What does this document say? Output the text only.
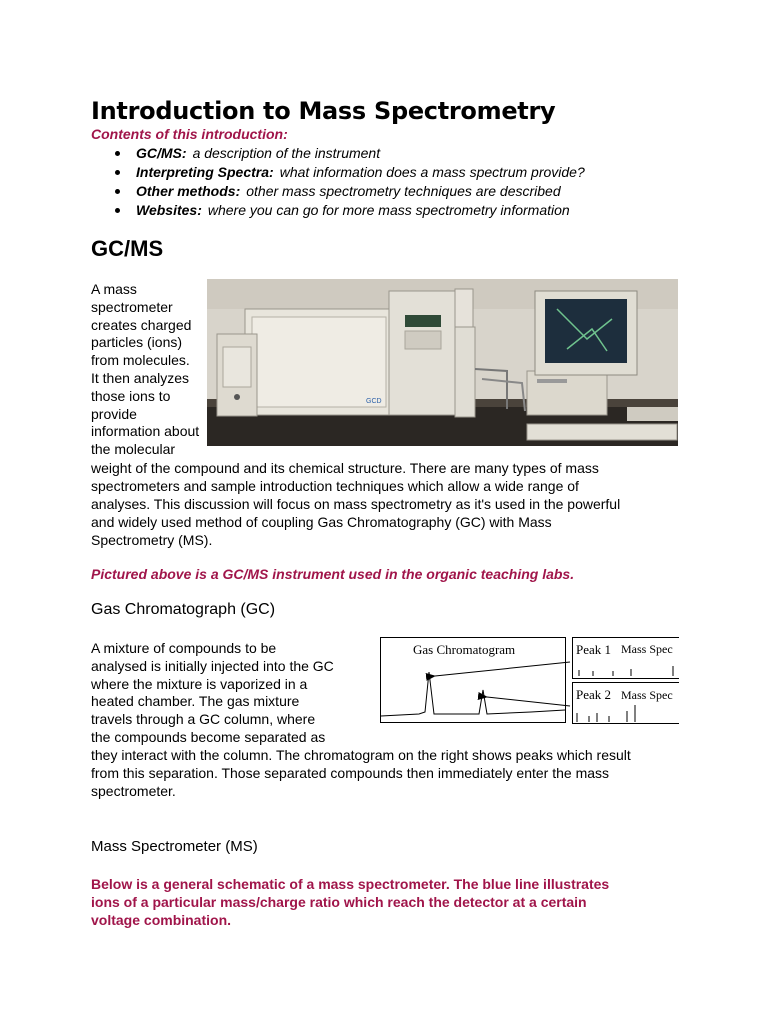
Introduction to Mass Spectrometry
Contents of this introduction:
GC/MS: a description of the instrument
Interpreting Spectra: what information does a mass spectrum provide?
Other methods: other mass spectrometry techniques are described
Websites: where you can go for more mass spectrometry information
GC/MS
A mass
spectrometer
creates charged
particles (ions)
from molecules.
It then analyzes
those ions to
provide
information about
the molecular
GCD
weight of the compound and its chemical structure. There are many types of mass
spectrometers and sample introduction techniques which allow a wide range of
analyses. This discussion will focus on mass spectrometry as it's used in the powerful
and widely used method of coupling Gas Chromatography (GC) with Mass
Spectrometry (MS).
Pictured above is a GC/MS instrument used in the organic teaching labs.
Gas Chromatograph (GC)
A mixture of compounds to be
analysed is initially injected into the GC
where the mixture is vaporized in a
heated chamber. The gas mixture
travels through a GC column, where
the compounds become separated as
Gas Chromatogram	Peak 1 Mass Spec
Peak 2 Mass Spec
they interact with the column. The chromatogram on the right shows peaks which result
from this separation. Those separated compounds then immediately enter the mass
spectrometer.
Mass Spectrometer (MS)
Below is a general schematic of a mass spectrometer. The blue line illustrates
ions of a particular mass/charge ratio which reach the detector at a certain
voltage combination.
